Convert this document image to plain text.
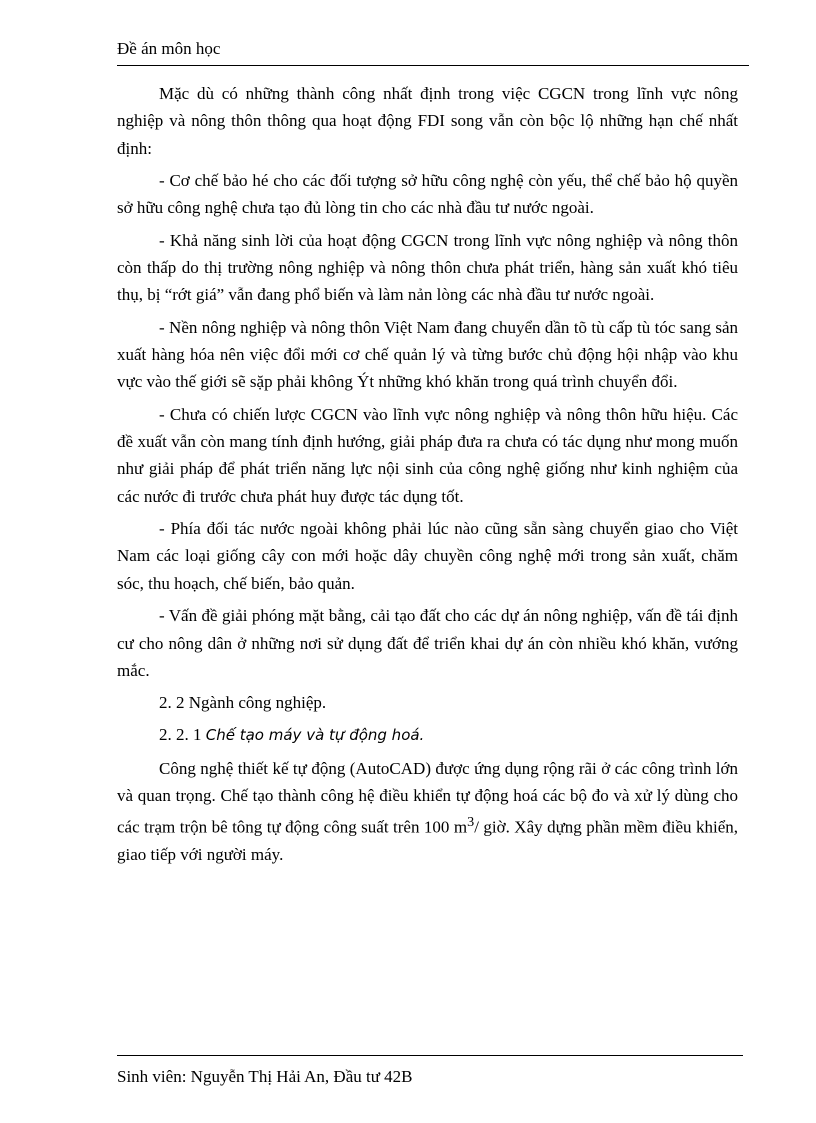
Đề án môn học

Mặc dù có những thành công nhất định trong việc CGCN trong lĩnh vực nông nghiệp và nông thôn thông qua hoạt động FDI song vẫn còn bộc lộ những hạn chế nhất định:

- Cơ chế bảo hé cho các đối tượng sở hữu công nghệ còn yếu, thể chế bảo hộ quyền sở hữu công nghệ chưa tạo đủ lòng tin cho các nhà đầu tư nước ngoài.

- Khả năng sinh lời của hoạt động CGCN trong lĩnh vực nông nghiệp và nông thôn còn thấp do thị trường nông nghiệp và nông thôn chưa phát triển, hàng sản xuất khó tiêu thụ, bị “rớt giá” vẫn đang phổ biến và làm nản lòng các nhà đầu tư nước ngoài.

- Nền nông nghiệp và nông thôn Việt Nam đang chuyển dần tõ tù cấp tù tóc sang sản xuất hàng hóa nên việc đổi mới cơ chế quản lý và từng bước chủ động hội nhập vào khu vực vào thế giới sẽ sặp phải không Ýt những khó khăn trong quá trình chuyển đổi.

- Chưa có chiến lược CGCN vào lĩnh vực nông nghiệp và nông thôn hữu hiệu. Các đề xuất vẫn còn mang tính định hướng, giải pháp đưa ra chưa có tác dụng như mong muốn như giải pháp để phát triển năng lực nội sinh của công nghệ giống như kinh nghiệm của các nước đi trước chưa phát huy được tác dụng tốt.

- Phía đối tác nước ngoài không phải lúc nào cũng sẵn sàng chuyển giao cho Việt Nam các loại giống cây con mới hoặc dây chuyền công nghệ mới trong sản xuất, chăm sóc, thu hoạch, chế biến, bảo quản.

- Vấn đề giải phóng mặt bằng, cải tạo đất cho các dự án nông nghiệp, vấn đề tái định cư cho nông dân ở những nơi sử dụng đất để triển khai dự án còn nhiều khó khăn, vướng mắc.

2. 2 Ngành công nghiệp.

2. 2. 1 Chế tạo máy và tự động hoá.

Công nghệ thiết kế tự động (AutoCAD) được ứng dụng rộng rãi ở các công trình lớn và quan trọng. Chế tạo thành công hệ điều khiển tự động hoá các bộ đo và xử lý dùng cho các trạm trộn bê tông tự động công suất trên 100 $m^3/$ giờ. Xây dựng phần mềm điều khiển, giao tiếp với người máy.

Sinh viên: Nguyễn Thị Hải An, Đầu tư 42B
